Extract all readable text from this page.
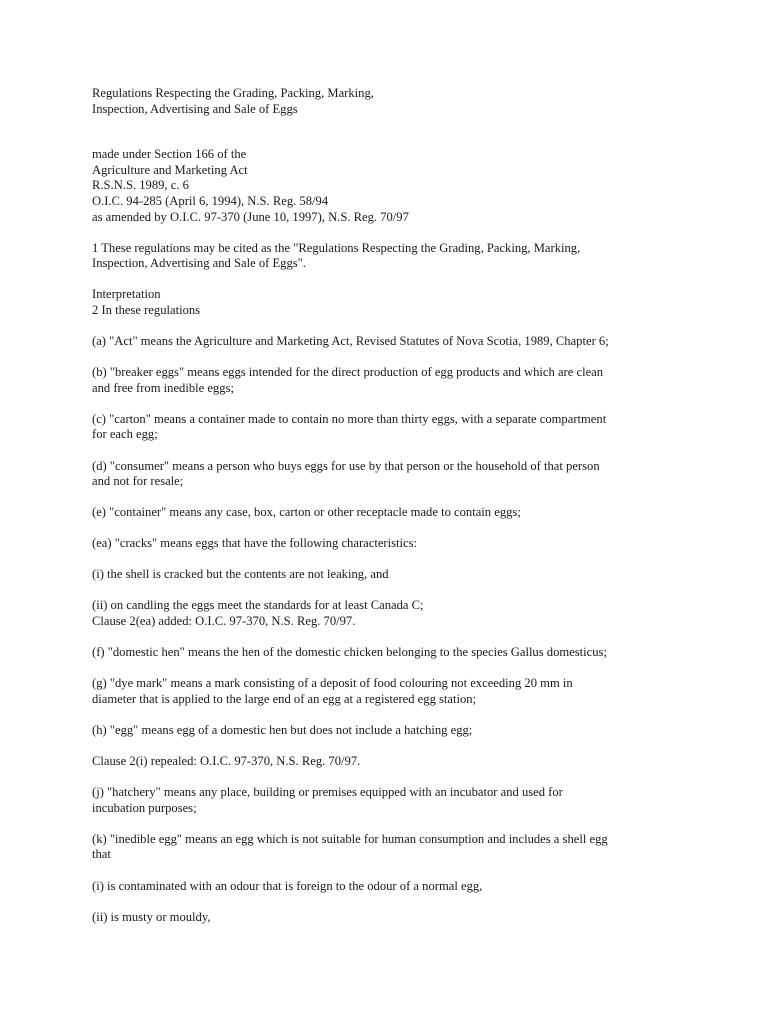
Regulations Respecting the Grading, Packing, Marking,
Inspection, Advertising and Sale of Eggs

made under Section 166 of the
Agriculture and Marketing Act
R.S.N.S. 1989, c. 6
O.I.C. 94-285 (April 6, 1994), N.S. Reg. 58/94
as amended by O.I.C. 97-370 (June 10, 1997), N.S. Reg. 70/97

1 These regulations may be cited as the "Regulations Respecting the Grading, Packing, Marking,
Inspection, Advertising and Sale of Eggs".

Interpretation
2 In these regulations

(a) "Act" means the Agriculture and Marketing Act, Revised Statutes of Nova Scotia, 1989, Chapter 6;

(b) "breaker eggs" means eggs intended for the direct production of egg products and which are clean
and free from inedible eggs;

(c) "carton" means a container made to contain no more than thirty eggs, with a separate compartment
for each egg;

(d) "consumer" means a person who buys eggs for use by that person or the household of that person
and not for resale;

(e) "container" means any case, box, carton or other receptacle made to contain eggs;

(ea) "cracks" means eggs that have the following characteristics:

(i) the shell is cracked but the contents are not leaking, and

(ii) on candling the eggs meet the standards for at least Canada C;
Clause 2(ea) added: O.I.C. 97-370, N.S. Reg. 70/97.

(f) "domestic hen" means the hen of the domestic chicken belonging to the species Gallus domesticus;

(g) "dye mark" means a mark consisting of a deposit of food colouring not exceeding 20 mm in
diameter that is applied to the large end of an egg at a registered egg station;

(h) "egg" means egg of a domestic hen but does not include a hatching egg;

Clause 2(i) repealed: O.I.C. 97-370, N.S. Reg. 70/97.

(j) "hatchery" means any place, building or premises equipped with an incubator and used for
incubation purposes;

(k) "inedible egg" means an egg which is not suitable for human consumption and includes a shell egg
that

(i) is contaminated with an odour that is foreign to the odour of a normal egg,

(ii) is musty or mouldy,
